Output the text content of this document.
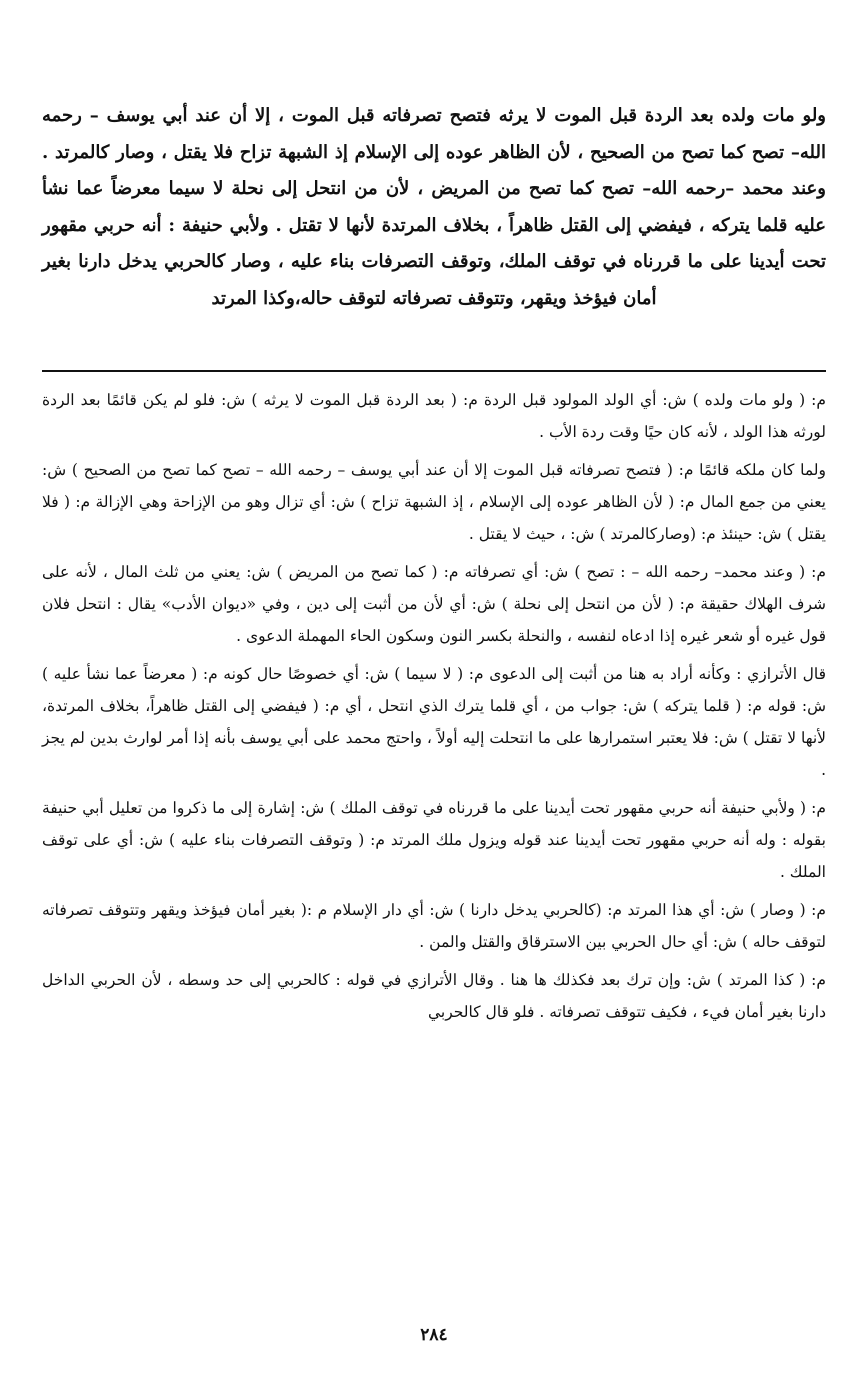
ولو مات ولده بعد الردة قبل الموت لا يرثه فتصح تصرفاته قبل الموت ، إلا أن عند أبي يوسف – رحمه الله– تصح كما تصح من الصحيح ، لأن الظاهر عوده إلى الإسلام إذ الشبهة تزاح فلا يقتل ، وصار كالمرتد . وعند محمد –رحمه الله– تصح كما تصح من المريض ، لأن من انتحل إلى نحلة لا سيما معرضاً عما نشأ عليه قلما يتركه ، فيفضي إلى القتل ظاهراً ، بخلاف المرتدة لأنها لا تقتل . ولأبي حنيفة : أنه حربي مقهور تحت أيدينا على ما قررناه في توقف الملك، وتوقف التصرفات بناء عليه ، وصار كالحربي يدخل دارنا بغير أمان فيؤخذ ويقهر، وتتوقف تصرفاته لتوقف حاله،وكذا المرتد

م: ( ولو مات ولده ) ش: أي الولد المولود قبل الردة م: ( بعد الردة قبل الموت لا يرثه ) ش: فلو لم يكن قائمًا بعد الردة لورثه هذا الولد ، لأنه كان حيًا وقت ردة الأب .

ولما كان ملكه قائمًا م: ( فتصح تصرفاته قبل الموت إلا أن عند أبي يوسف – رحمه الله – تصح كما تصح من الصحيح ) ش: يعني من جمع المال م: ( لأن الظاهر عوده إلى الإسلام ، إذ الشبهة تزاح ) ش: أي تزال وهو من الإزاحة وهي الإزالة م: ( فلا يقتل ) ش: حينئذ م: (وصاركالمرتد ) ش: ، حيث لا يقتل .

م: ( وعند محمد– رحمه الله – : تصح ) ش: أي تصرفاته م: ( كما تصح من المريض ) ش: يعني من ثلث المال ، لأنه على شرف الهلاك حقيقة م: ( لأن من انتحل إلى نحلة ) ش: أي لأن من أثبت إلى دين ، وفي «ديوان الأدب» يقال : انتحل فلان قول غيره أو شعر غيره إذا ادعاه لنفسه ، والنحلة بكسر النون وسكون الحاء المهملة الدعوى .

قال الأترازي : وكأنه أراد به هنا من أثبت إلى الدعوى م: ( لا سيما ) ش: أي خصوصًا حال كونه م: ( معرضاً عما نشأ عليه ) ش: قوله م: ( قلما يتركه ) ش: جواب من ، أي قلما يترك الذي انتحل ، أي م: ( فيفضي إلى القتل ظاهراً، بخلاف المرتدة، لأنها لا تقتل ) ش: فلا يعتبر استمرارها على ما انتحلت إليه أولاً ، واحتج محمد على أبي يوسف بأنه إذا أمر لوارث بدين لم يجز .

م: ( ولأبي حنيفة أنه حربي مقهور تحت أيدينا على ما قررناه في توقف الملك ) ش: إشارة إلى ما ذكروا من تعليل أبي حنيفة بقوله : وله أنه حربي مقهور تحت أيدينا عند قوله ويزول ملك المرتد م: ( وتوقف التصرفات بناء عليه ) ش: أي على توقف الملك .

م: ( وصار ) ش: أي هذا المرتد م: (كالحربي يدخل دارنا ) ش: أي دار الإسلام م :( بغير أمان فيؤخذ ويقهر وتتوقف تصرفاته لتوقف حاله ) ش: أي حال الحربي بين الاسترقاق والقتل والمن .

م: ( كذا المرتد ) ش: وإن ترك بعد فكذلك ها هنا . وقال الأترازي في قوله : كالحربي إلى حد وسطه ، لأن الحربي الداخل دارنا بغير أمان فيء ، فكيف تتوقف تصرفاته . فلو قال كالحربي

٢٨٤
